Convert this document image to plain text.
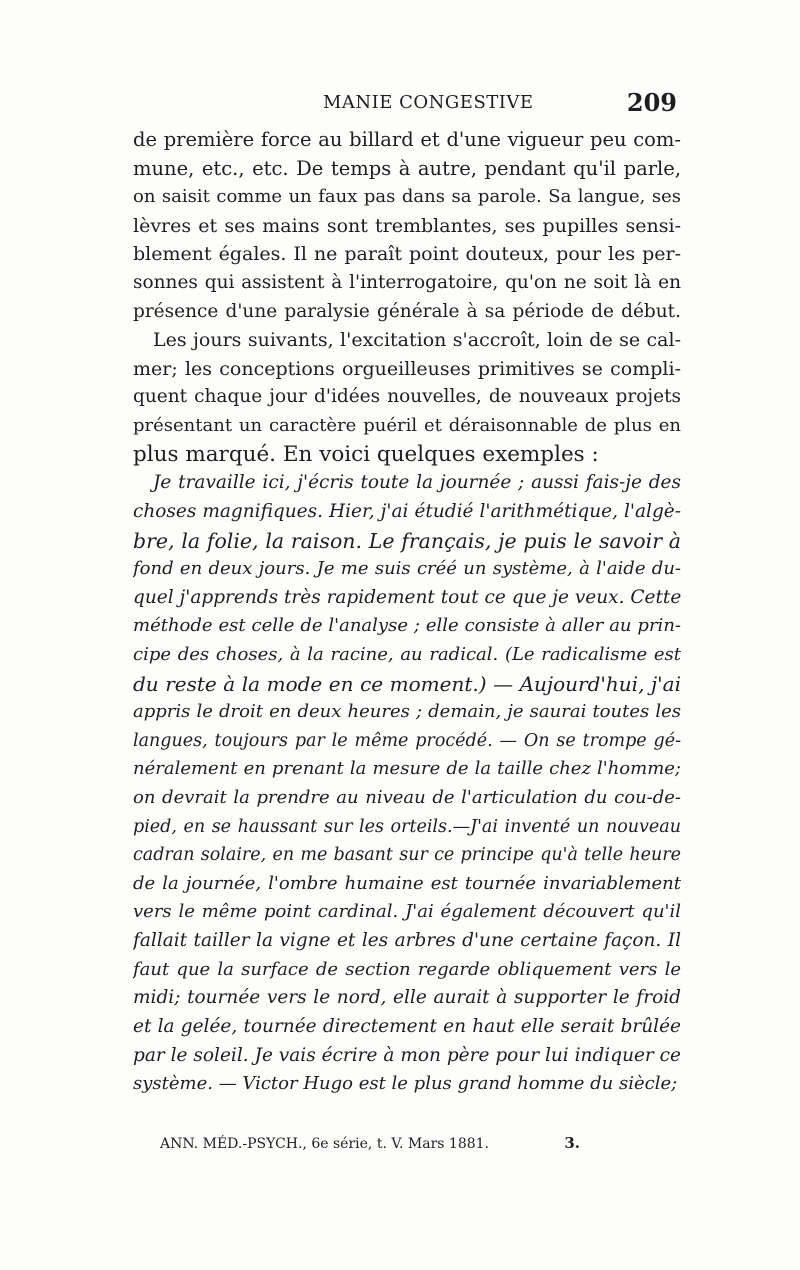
MANIE CONGESTIVE	209
de première force au billard et d'une vigueur peu com-
mune, etc., etc. De temps à autre, pendant qu'il parle,
on saisit comme un faux pas dans sa parole. Sa langue, ses
lèvres et ses mains sont tremblantes, ses pupilles sensi-
blement égales. Il ne paraît point douteux, pour les per-
sonnes qui assistent à l'interrogatoire, qu'on ne soit là en
présence d'une paralysie générale à sa période de début.
Les jours suivants, l'excitation s'accroît, loin de se cal-
mer; les conceptions orgueilleuses primitives se compli-
quent chaque jour d'idées nouvelles, de nouveaux projets
présentant un caractère puéril et déraisonnable de plus en
plus marqué. En voici quelques exemples :
Je travaille ici, j'écris toute la journée ; aussi fais-je des
choses magnifiques. Hier, j'ai étudié l'arithmétique, l'algè-
bre, la folie, la raison. Le français, je puis le savoir à
fond en deux jours. Je me suis créé un système, à l'aide du-
quel j'apprends très rapidement tout ce que je veux. Cette
méthode est celle de l'analyse ; elle consiste à aller au prin-
cipe des choses, à la racine, au radical. (Le radicalisme est
du reste à la mode en ce moment.) — Aujourd'hui, j'ai
appris le droit en deux heures ; demain, je saurai toutes les
langues, toujours par le même procédé. — On se trompe gé-
néralement en prenant la mesure de la taille chez l'homme;
on devrait la prendre au niveau de l'articulation du cou-de-
pied, en se haussant sur les orteils.—J'ai inventé un nouveau
cadran solaire, en me basant sur ce principe qu'à telle heure
de la journée, l'ombre humaine est tournée invariablement
vers le même point cardinal. J'ai également découvert qu'il
fallait tailler la vigne et les arbres d'une certaine façon. Il
faut que la surface de section regarde obliquement vers le
midi; tournée vers le nord, elle aurait à supporter le froid
et la gelée, tournée directement en haut elle serait brûlée
par le soleil. Je vais écrire à mon père pour lui indiquer ce
système. — Victor Hugo est le plus grand homme du siècle;
ANN. MÉD.-PSYCH., 6e série, t. V. Mars 1881.	3.
